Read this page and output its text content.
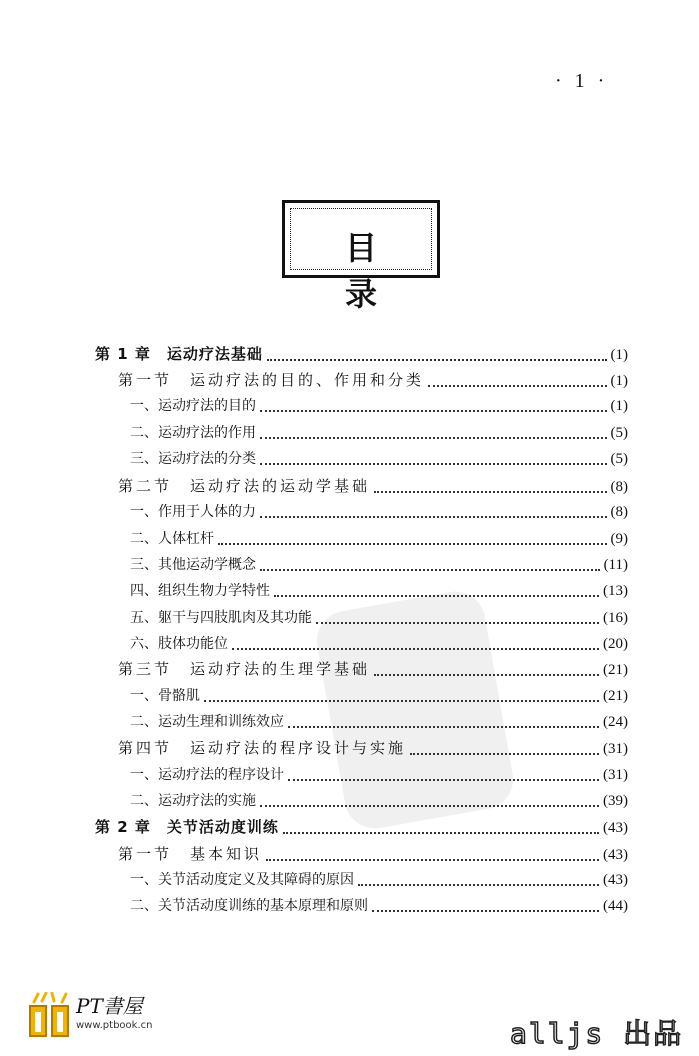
· 1 ·
目 录
第 1 章　运动疗法基础	(1)
第一节　运动疗法的目的、作用和分类	(1)
一、运动疗法的目的	(1)
二、运动疗法的作用	(5)
三、运动疗法的分类	(5)
第二节　运动疗法的运动学基础	(8)
一、作用于人体的力	(8)
二、人体杠杆	(9)
三、其他运动学概念	(11)
四、组织生物力学特性	(13)
五、躯干与四肢肌肉及其功能	(16)
六、肢体功能位	(20)
第三节　运动疗法的生理学基础	(21)
一、骨骼肌	(21)
二、运动生理和训练效应	(24)
第四节　运动疗法的程序设计与实施	(31)
一、运动疗法的程序设计	(31)
二、运动疗法的实施	(39)
第 2 章　关节活动度训练	(43)
第一节　基本知识	(43)
一、关节活动度定义及其障碍的原因	(43)
二、关节活动度训练的基本原理和原则	(44)
PT書屋
www.ptbook.cn	alljs 出品
